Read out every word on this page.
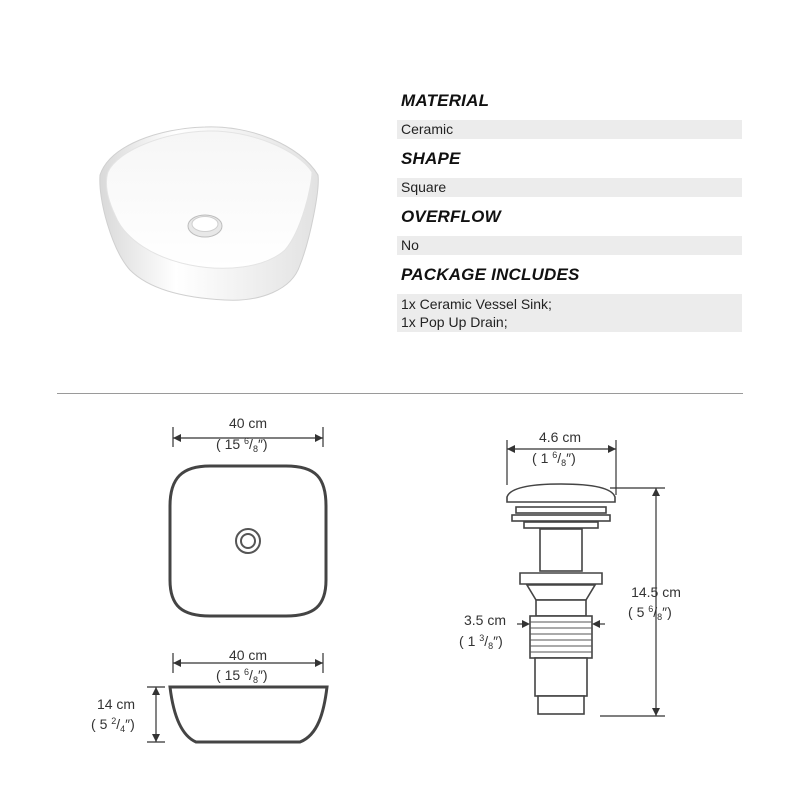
MATERIAL
Ceramic
SHAPE
Square
OVERFLOW
No
PACKAGE INCLUDES
1x Ceramic Vessel Sink;
1x Pop Up Drain;
40 cm
( 15 $^6/_8''$)
40 cm
( 15 $^6/_8''$)
14 cm
( 5 $^2/_4''$)
4.6 cm
( 1 $^6/_8''$)
3.5 cm
( 1 $^3/_8''$)
14.5 cm
( 5 $^6/_8''$)
